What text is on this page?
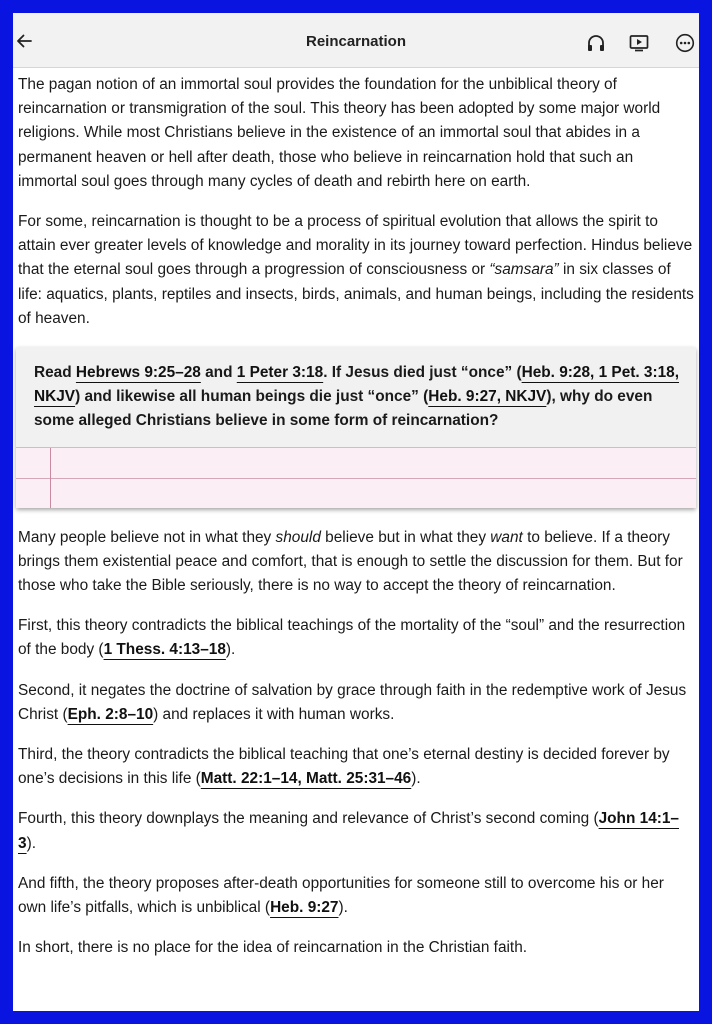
Reincarnation

The pagan notion of an immortal soul provides the foundation for the unbiblical theory of reincarnation or transmigration of the soul. This theory has been adopted by some major world religions. While most Christians believe in the existence of an immortal soul that abides in a permanent heaven or hell after death, those who believe in reincarnation hold that such an immortal soul goes through many cycles of death and rebirth here on earth.

For some, reincarnation is thought to be a process of spiritual evolution that allows the spirit to attain ever greater levels of knowledge and morality in its journey toward perfection. Hindus believe that the eternal soul goes through a progression of consciousness or “samsara” in six classes of life: aquatics, plants, reptiles and insects, birds, animals, and human beings, including the residents of heaven.

Read Hebrews 9:25–28 and 1 Peter 3:18. If Jesus died just “once” (Heb. 9:28, 1 Pet. 3:18, NKJV) and likewise all human beings die just “once” (Heb. 9:27, NKJV), why do even some alleged Christians believe in some form of reincarnation?

Many people believe not in what they should believe but in what they want to believe. If a theory brings them existential peace and comfort, that is enough to settle the discussion for them. But for those who take the Bible seriously, there is no way to accept the theory of reincarnation.

First, this theory contradicts the biblical teachings of the mortality of the “soul” and the resurrection of the body (1 Thess. 4:13–18).

Second, it negates the doctrine of salvation by grace through faith in the redemptive work of Jesus Christ (Eph. 2:8–10) and replaces it with human works.

Third, the theory contradicts the biblical teaching that one’s eternal destiny is decided forever by one’s decisions in this life (Matt. 22:1–14, Matt. 25:31–46).

Fourth, this theory downplays the meaning and relevance of Christ’s second coming (John 14:1–3).

And fifth, the theory proposes after-death opportunities for someone still to overcome his or her own life’s pitfalls, which is unbiblical (Heb. 9:27).

In short, there is no place for the idea of reincarnation in the Christian faith.
